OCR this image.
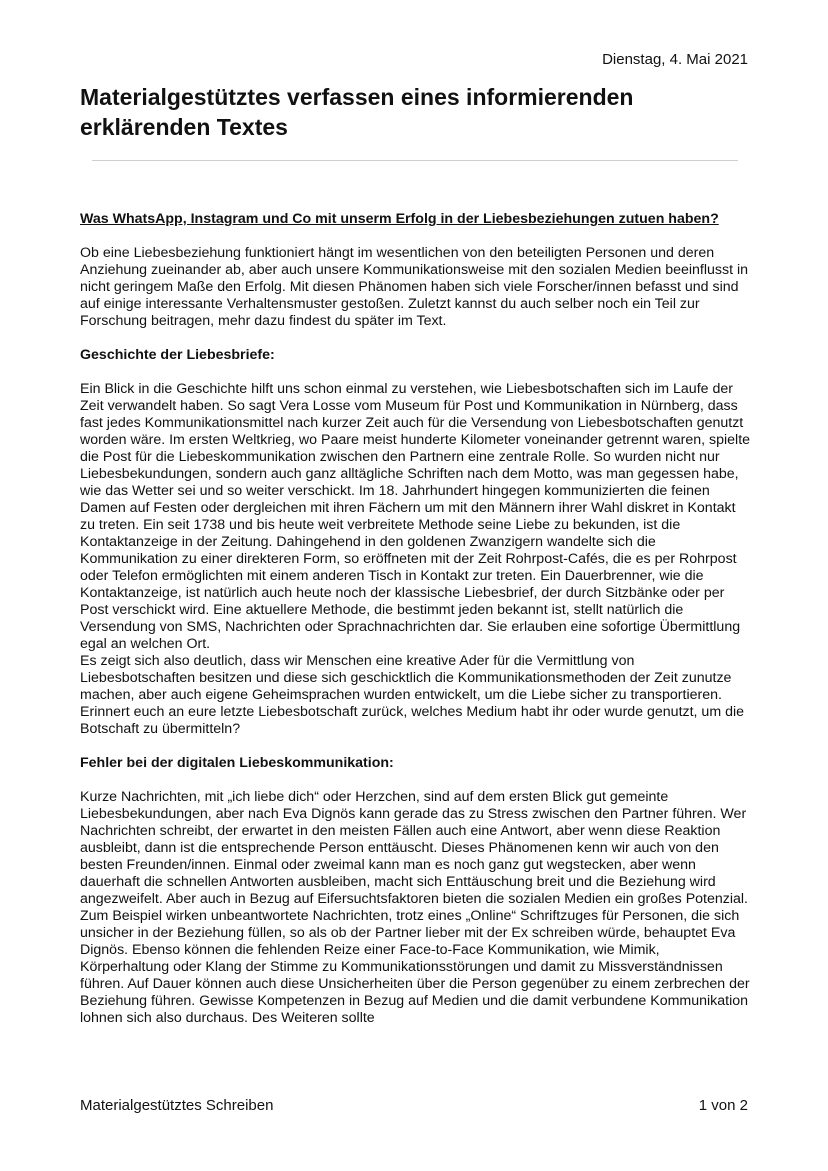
Dienstag, 4. Mai 2021
Materialgestütztes verfassen eines informierenden erklärenden Textes
Was WhatsApp, Instagram und Co mit unserm Erfolg in der Liebesbeziehungen zutuen haben?

Ob eine Liebesbeziehung funktioniert hängt im wesentlichen von den beteiligten Personen und deren Anziehung zueinander ab, aber auch unsere Kommunikationsweise mit den sozialen Medien beeinflusst in nicht geringem Maße den Erfolg. Mit diesen Phänomen haben sich viele Forscher/innen befasst und sind auf einige interessante Verhaltensmuster gestoßen. Zuletzt kannst du auch selber noch ein Teil zur Forschung beitragen, mehr dazu findest du später im Text.

Geschichte der Liebesbriefe:

Ein Blick in die Geschichte hilft uns schon einmal zu verstehen, wie Liebesbotschaften sich im Laufe der Zeit verwandelt haben. So sagt Vera Losse vom Museum für Post und Kommunikation in Nürnberg, dass fast jedes Kommunikationsmittel nach kurzer Zeit auch für die Versendung von Liebesbotschaften genutzt worden wäre. Im ersten Weltkrieg, wo Paare meist hunderte Kilometer voneinander getrennt waren, spielte die Post für die Liebeskommunikation zwischen den Partnern eine zentrale Rolle. So wurden nicht nur Liebesbekundungen, sondern auch ganz alltägliche Schriften nach dem Motto, was man gegessen habe, wie das Wetter sei und so weiter verschickt. Im 18. Jahrhundert hingegen kommunizierten die feinen Damen auf Festen oder dergleichen mit ihren Fächern um mit den Männern ihrer Wahl diskret in Kontakt zu treten. Ein seit 1738 und bis heute weit verbreitete Methode seine Liebe zu bekunden, ist die Kontaktanzeige in der Zeitung. Dahingehend in den goldenen Zwanzigern wandelte sich die Kommunikation zu einer direkteren Form, so eröffneten mit der Zeit Rohrpost-Cafés, die es per Rohrpost oder Telefon ermöglichten mit einem anderen Tisch in Kontakt zur treten. Ein Dauerbrenner, wie die Kontaktanzeige, ist natürlich auch heute noch der klassische Liebesbrief, der durch Sitzbänke oder per Post verschickt wird. Eine aktuellere Methode, die bestimmt jeden bekannt ist, stellt natürlich die Versendung von SMS, Nachrichten oder Sprachnachrichten dar. Sie erlauben eine sofortige Übermittlung egal an welchen Ort.

Es zeigt sich also deutlich, dass wir Menschen eine kreative Ader für die Vermittlung von Liebesbotschaften besitzen und diese sich geschicktlich die Kommunikationsmethoden der Zeit zunutze machen, aber auch eigene Geheimsprachen wurden entwickelt, um die Liebe sicher zu transportieren.

Erinnert euch an eure letzte Liebesbotschaft zurück, welches Medium habt ihr oder wurde genutzt, um die Botschaft zu übermitteln?

Fehler bei der digitalen Liebeskommunikation:

Kurze Nachrichten, mit „ich liebe dich“ oder Herzchen, sind auf dem ersten Blick gut gemeinte Liebesbekundungen, aber nach Eva Dignös kann gerade das zu Stress zwischen den Partner führen. Wer Nachrichten schreibt, der erwartet in den meisten Fällen auch eine Antwort, aber wenn diese Reaktion ausbleibt, dann ist die entsprechende Person enttäuscht. Dieses Phänomenen kenn wir auch von den besten Freunden/innen. Einmal oder zweimal kann man es noch ganz gut wegstecken, aber wenn dauerhaft die schnellen Antworten ausbleiben, macht sich Enttäuschung breit und die Beziehung wird angezweifelt. Aber auch in Bezug auf Eifersuchtsfaktoren bieten die sozialen Medien ein großes Potenzial. Zum Beispiel wirken unbeantwortete Nachrichten, trotz eines „Online“ Schriftzuges für Personen, die sich unsicher in der Beziehung füllen, so als ob der Partner lieber mit der Ex schreiben würde, behauptet Eva Dignös. Ebenso können die fehlenden Reize einer Face-to-Face Kommunikation, wie Mimik, Körperhaltung oder Klang der Stimme zu Kommunikationsstörungen und damit zu Missverständnissen führen. Auf Dauer können auch diese Unsicherheiten über die Person gegenüber zu einem zerbrechen der Beziehung führen. Gewisse Kompetenzen in Bezug auf Medien und die damit verbundene Kommunikation lohnen sich also durchaus. Des Weiteren sollte

Materialgestütztes Schreiben	1 von 2
